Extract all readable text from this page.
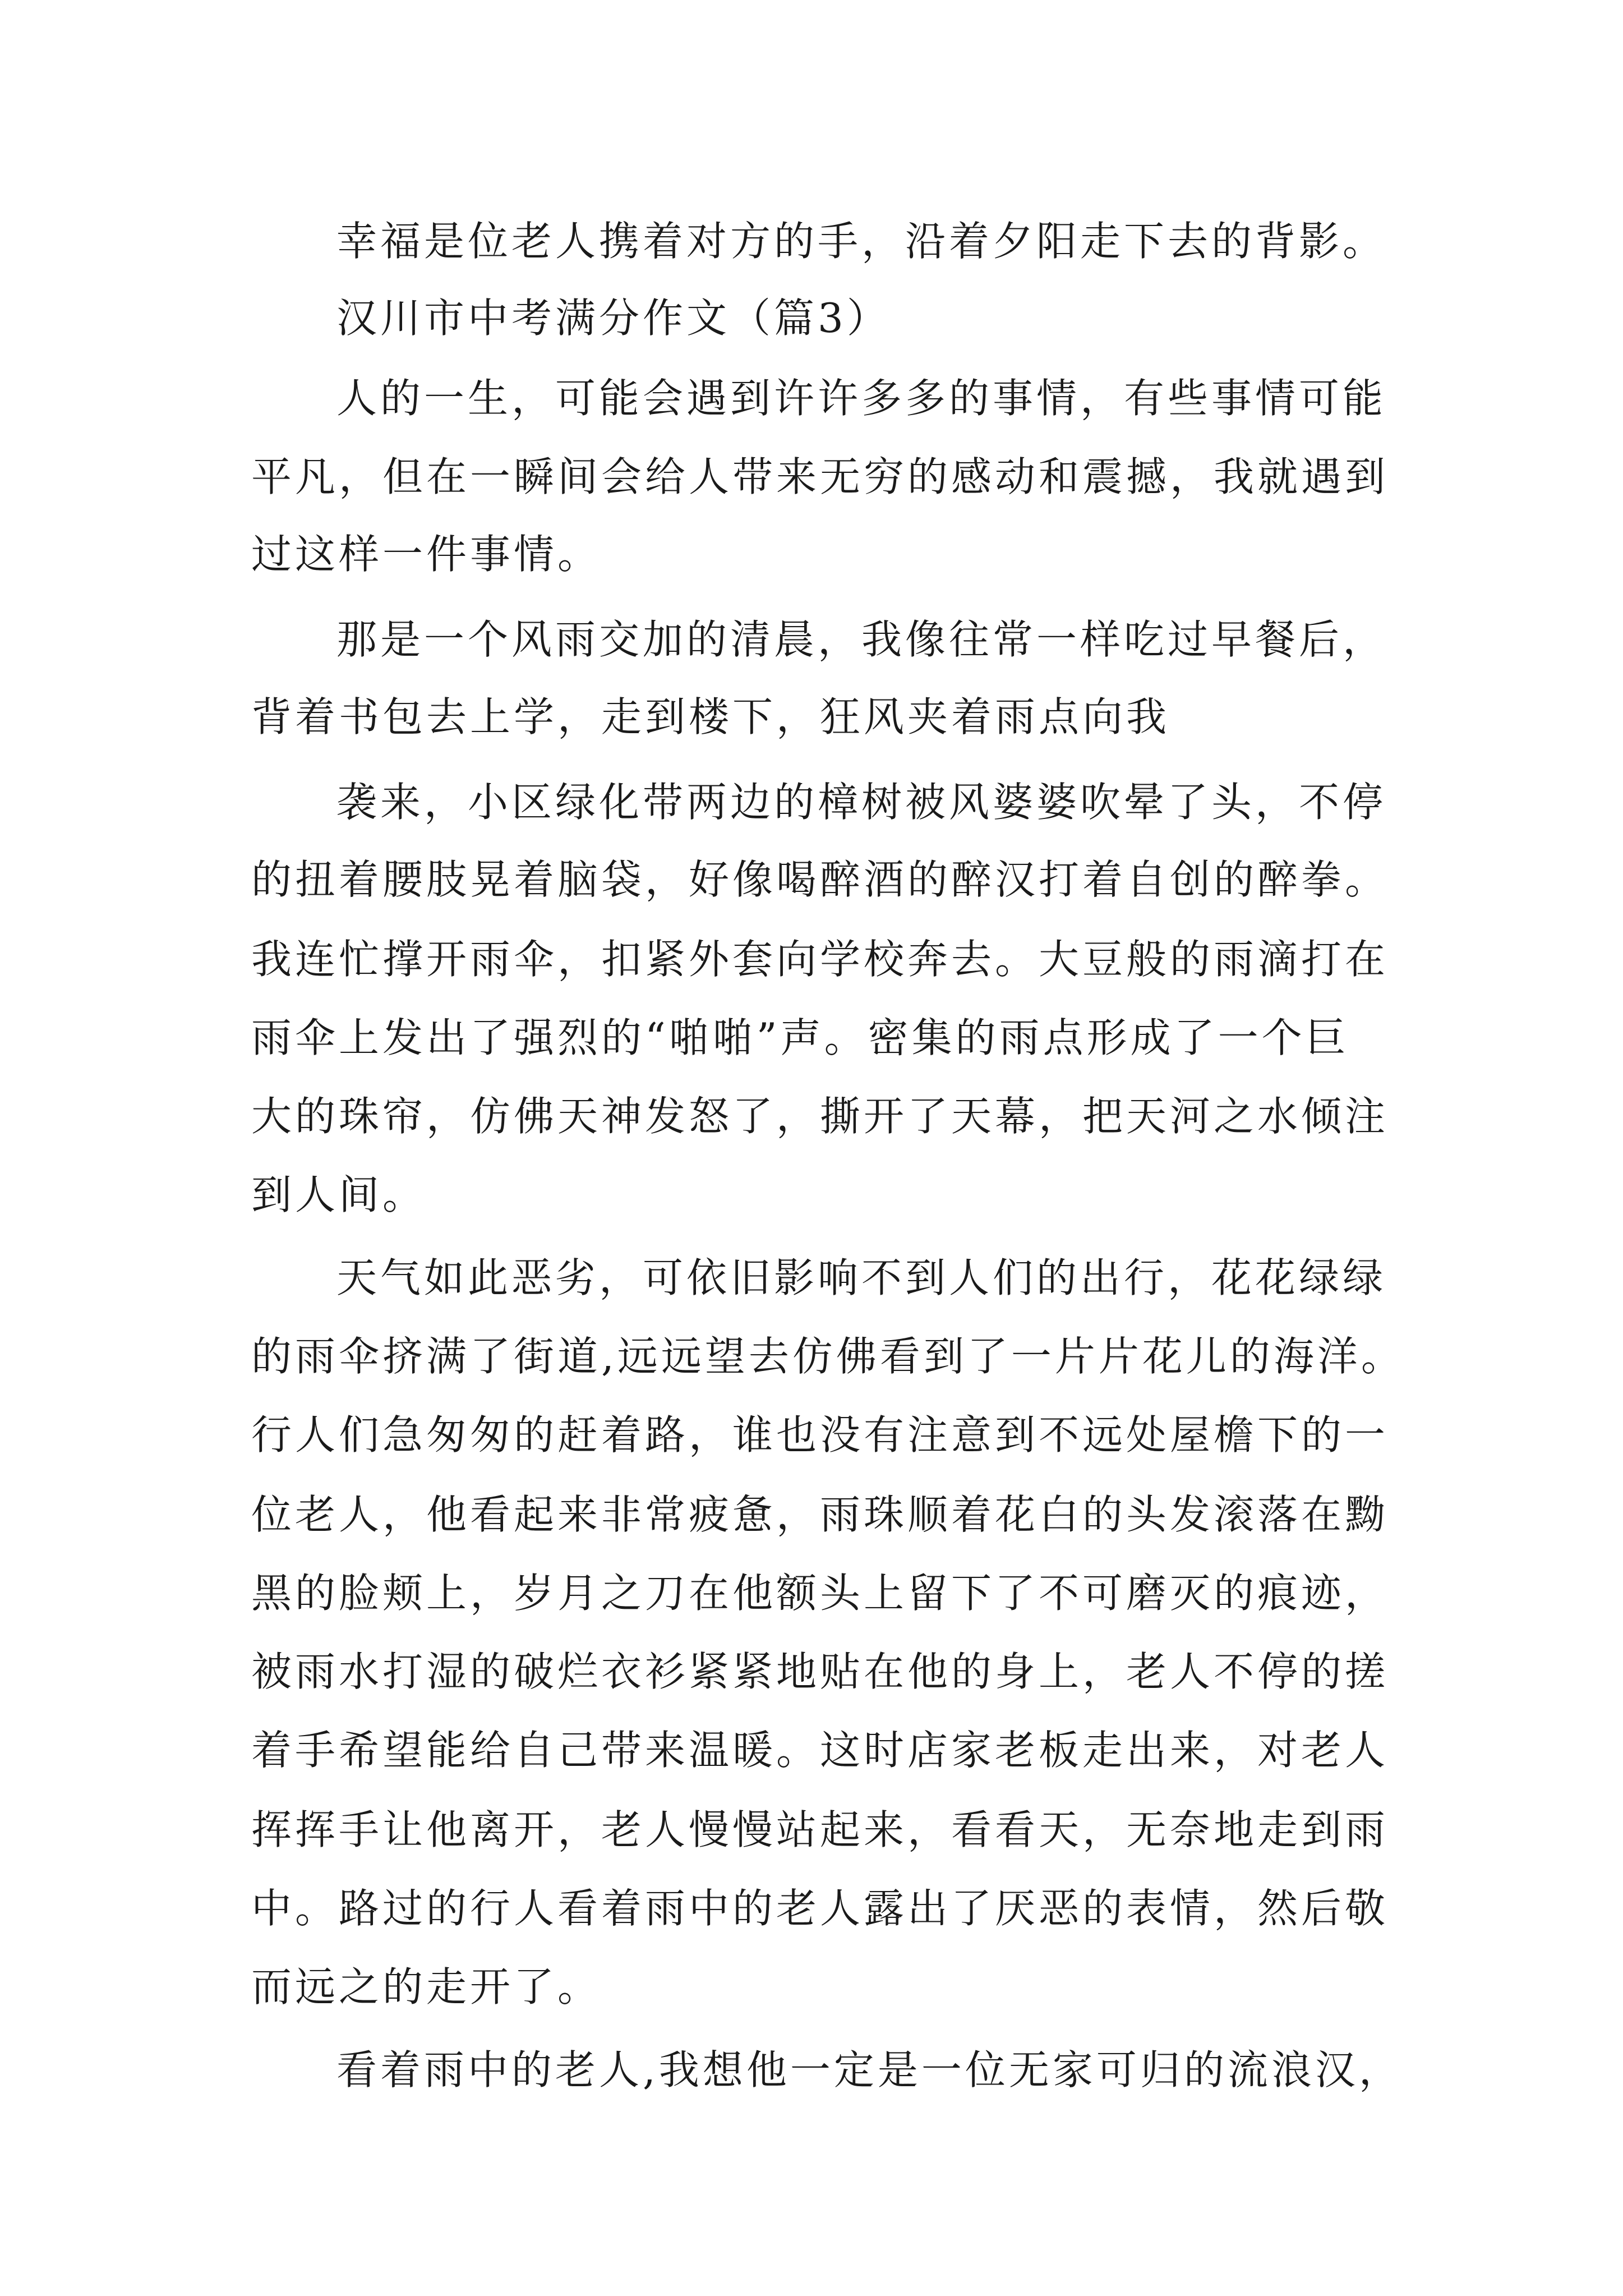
幸福是位老人携着对方的手，沿着夕阳走下去的背影。

汉川市中考满分作文（篇3）

人的一生，可能会遇到许许多多的事情，有些事情可能

平凡，但在一瞬间会给人带来无穷的感动和震撼，我就遇到

过这样一件事情。

那是一个风雨交加的清晨，我像往常一样吃过早餐后，

背着书包去上学，走到楼下，狂风夹着雨点向我

袭来，小区绿化带两边的樟树被风婆婆吹晕了头，不停

的扭着腰肢晃着脑袋，好像喝醉酒的醉汉打着自创的醉拳。

我连忙撑开雨伞，扣紧外套向学校奔去。大豆般的雨滴打在

雨伞上发出了强烈的“啪啪”声。密集的雨点形成了一个巨

大的珠帘，仿佛天神发怒了，撕开了天幕，把天河之水倾注

到人间。

天气如此恶劣，可依旧影响不到人们的出行，花花绿绿

的雨伞挤满了街道,远远望去仿佛看到了一片片花儿的海洋。

行人们急匆匆的赶着路，谁也没有注意到不远处屋檐下的一

位老人，他看起来非常疲惫，雨珠顺着花白的头发滚落在黝

黑的脸颊上，岁月之刀在他额头上留下了不可磨灭的痕迹，

被雨水打湿的破烂衣衫紧紧地贴在他的身上，老人不停的搓

着手希望能给自己带来温暖。这时店家老板走出来，对老人

挥挥手让他离开，老人慢慢站起来，看看天，无奈地走到雨

中。路过的行人看着雨中的老人露出了厌恶的表情，然后敬

而远之的走开了。

看着雨中的老人,我想他一定是一位无家可归的流浪汉，
